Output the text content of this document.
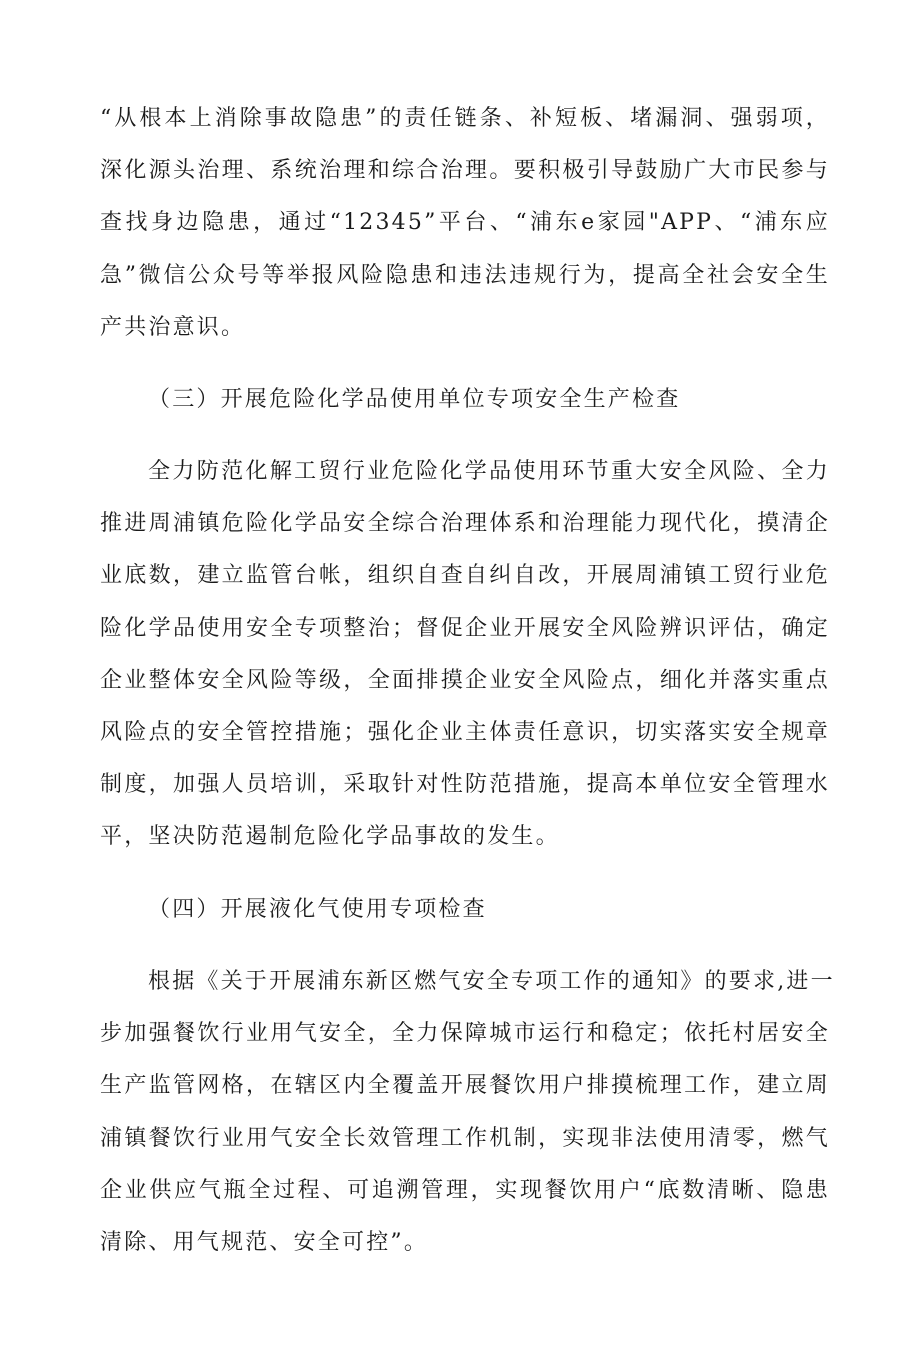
“从根本上消除事故隐患”的责任链条、补短板、堵漏洞、强弱项，
深化源头治理、系统治理和综合治理。要积极引导鼓励广大市民参与
查找身边隐患，通过“12345”平台、“浦东e家园"APP、“浦东应
急”微信公众号等举报风险隐患和违法违规行为，提高全社会安全生
产共治意识。
（三）开展危险化学品使用单位专项安全生产检查
全力防范化解工贸行业危险化学品使用环节重大安全风险、全力
推进周浦镇危险化学品安全综合治理体系和治理能力现代化，摸清企
业底数，建立监管台帐，组织自查自纠自改，开展周浦镇工贸行业危
险化学品使用安全专项整治；督促企业开展安全风险辨识评估，确定
企业整体安全风险等级，全面排摸企业安全风险点，细化并落实重点
风险点的安全管控措施；强化企业主体责任意识，切实落实安全规章
制度，加强人员培训，采取针对性防范措施，提高本单位安全管理水
平，坚决防范遏制危险化学品事故的发生。
（四）开展液化气使用专项检查
根据《关于开展浦东新区燃气安全专项工作的通知》的要求,进一
步加强餐饮行业用气安全，全力保障城市运行和稳定；依托村居安全
生产监管网格，在辖区内全覆盖开展餐饮用户排摸梳理工作，建立周
浦镇餐饮行业用气安全长效管理工作机制，实现非法使用清零，燃气
企业供应气瓶全过程、可追溯管理，实现餐饮用户“底数清晰、隐患
清除、用气规范、安全可控”。
